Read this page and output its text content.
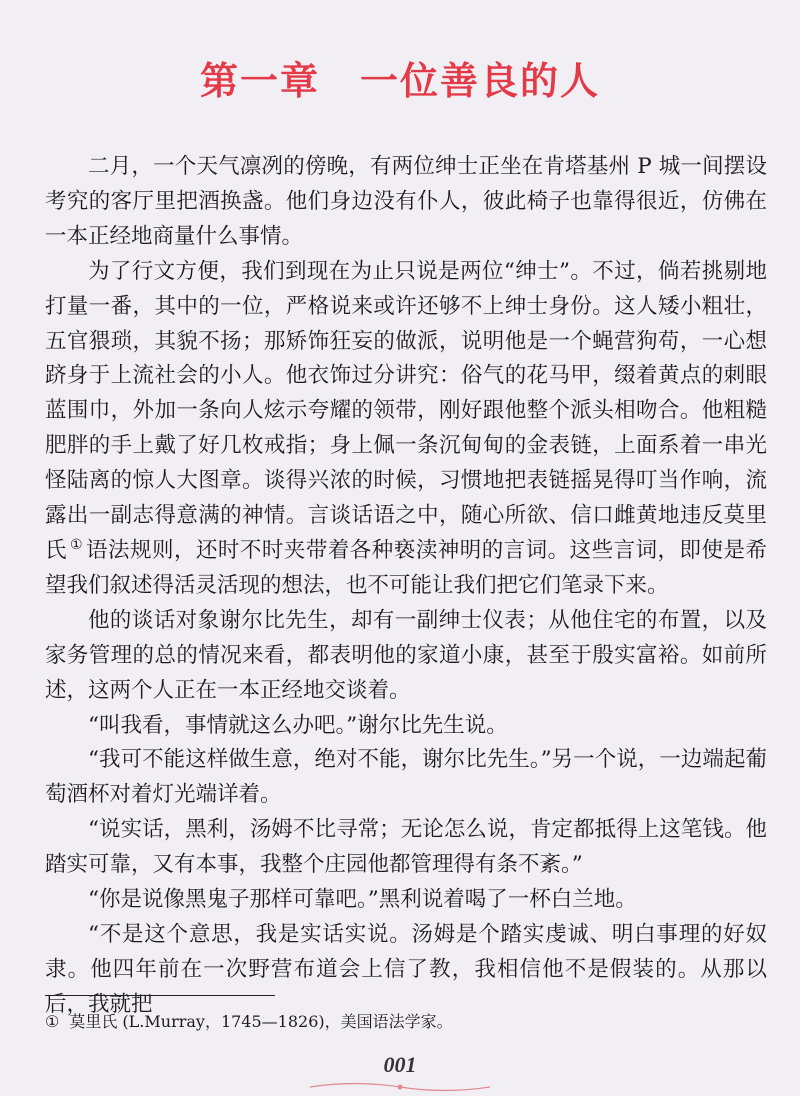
第一章　一位善良的人

二月，一个天气凛冽的傍晚，有两位绅士正坐在肯塔基州 P 城一间摆设考究的客厅里把酒换盏。他们身边没有仆人，彼此椅子也靠得很近，仿佛在一本正经地商量什么事情。

为了行文方便，我们到现在为止只说是两位“绅士”。不过，倘若挑剔地打量一番，其中的一位，严格说来或许还够不上绅士身份。这人矮小粗壮，五官猥琐，其貌不扬；那矫饰狂妄的做派，说明他是一个蝇营狗苟，一心想跻身于上流社会的小人。他衣饰过分讲究：俗气的花马甲，缀着黄点的刺眼蓝围巾，外加一条向人炫示夸耀的领带，刚好跟他整个派头相吻合。他粗糙肥胖的手上戴了好几枚戒指；身上佩一条沉甸甸的金表链，上面系着一串光怪陆离的惊人大图章。谈得兴浓的时候，习惯地把表链摇晃得叮当作响，流露出一副志得意满的神情。言谈话语之中，随心所欲、信口雌黄地违反莫里氏 ① 语法规则，还时不时夹带着各种亵渎神明的言词。这些言词，即使是希望我们叙述得活灵活现的想法，也不可能让我们把它们笔录下来。

他的谈话对象谢尔比先生，却有一副绅士仪表；从他住宅的布置，以及家务管理的总的情况来看，都表明他的家道小康，甚至于殷实富裕。如前所述，这两个人正在一本正经地交谈着。

“叫我看，事情就这么办吧。”谢尔比先生说。

“我可不能这样做生意，绝对不能，谢尔比先生。”另一个说，一边端起葡萄酒杯对着灯光端详着。

“说实话，黑利，汤姆不比寻常；无论怎么说，肯定都抵得上这笔钱。他踏实可靠，又有本事，我整个庄园他都管理得有条不紊。”

“你是说像黑鬼子那样可靠吧。”黑利说着喝了一杯白兰地。

“不是这个意思，我是实话实说。汤姆是个踏实虔诚、明白事理的好奴隶。他四年前在一次野营布道会上信了教，我相信他不是假装的。从那以后，我就把

① 莫里氏 (L.Murray，1745—1826)，美国语法学家。
001
